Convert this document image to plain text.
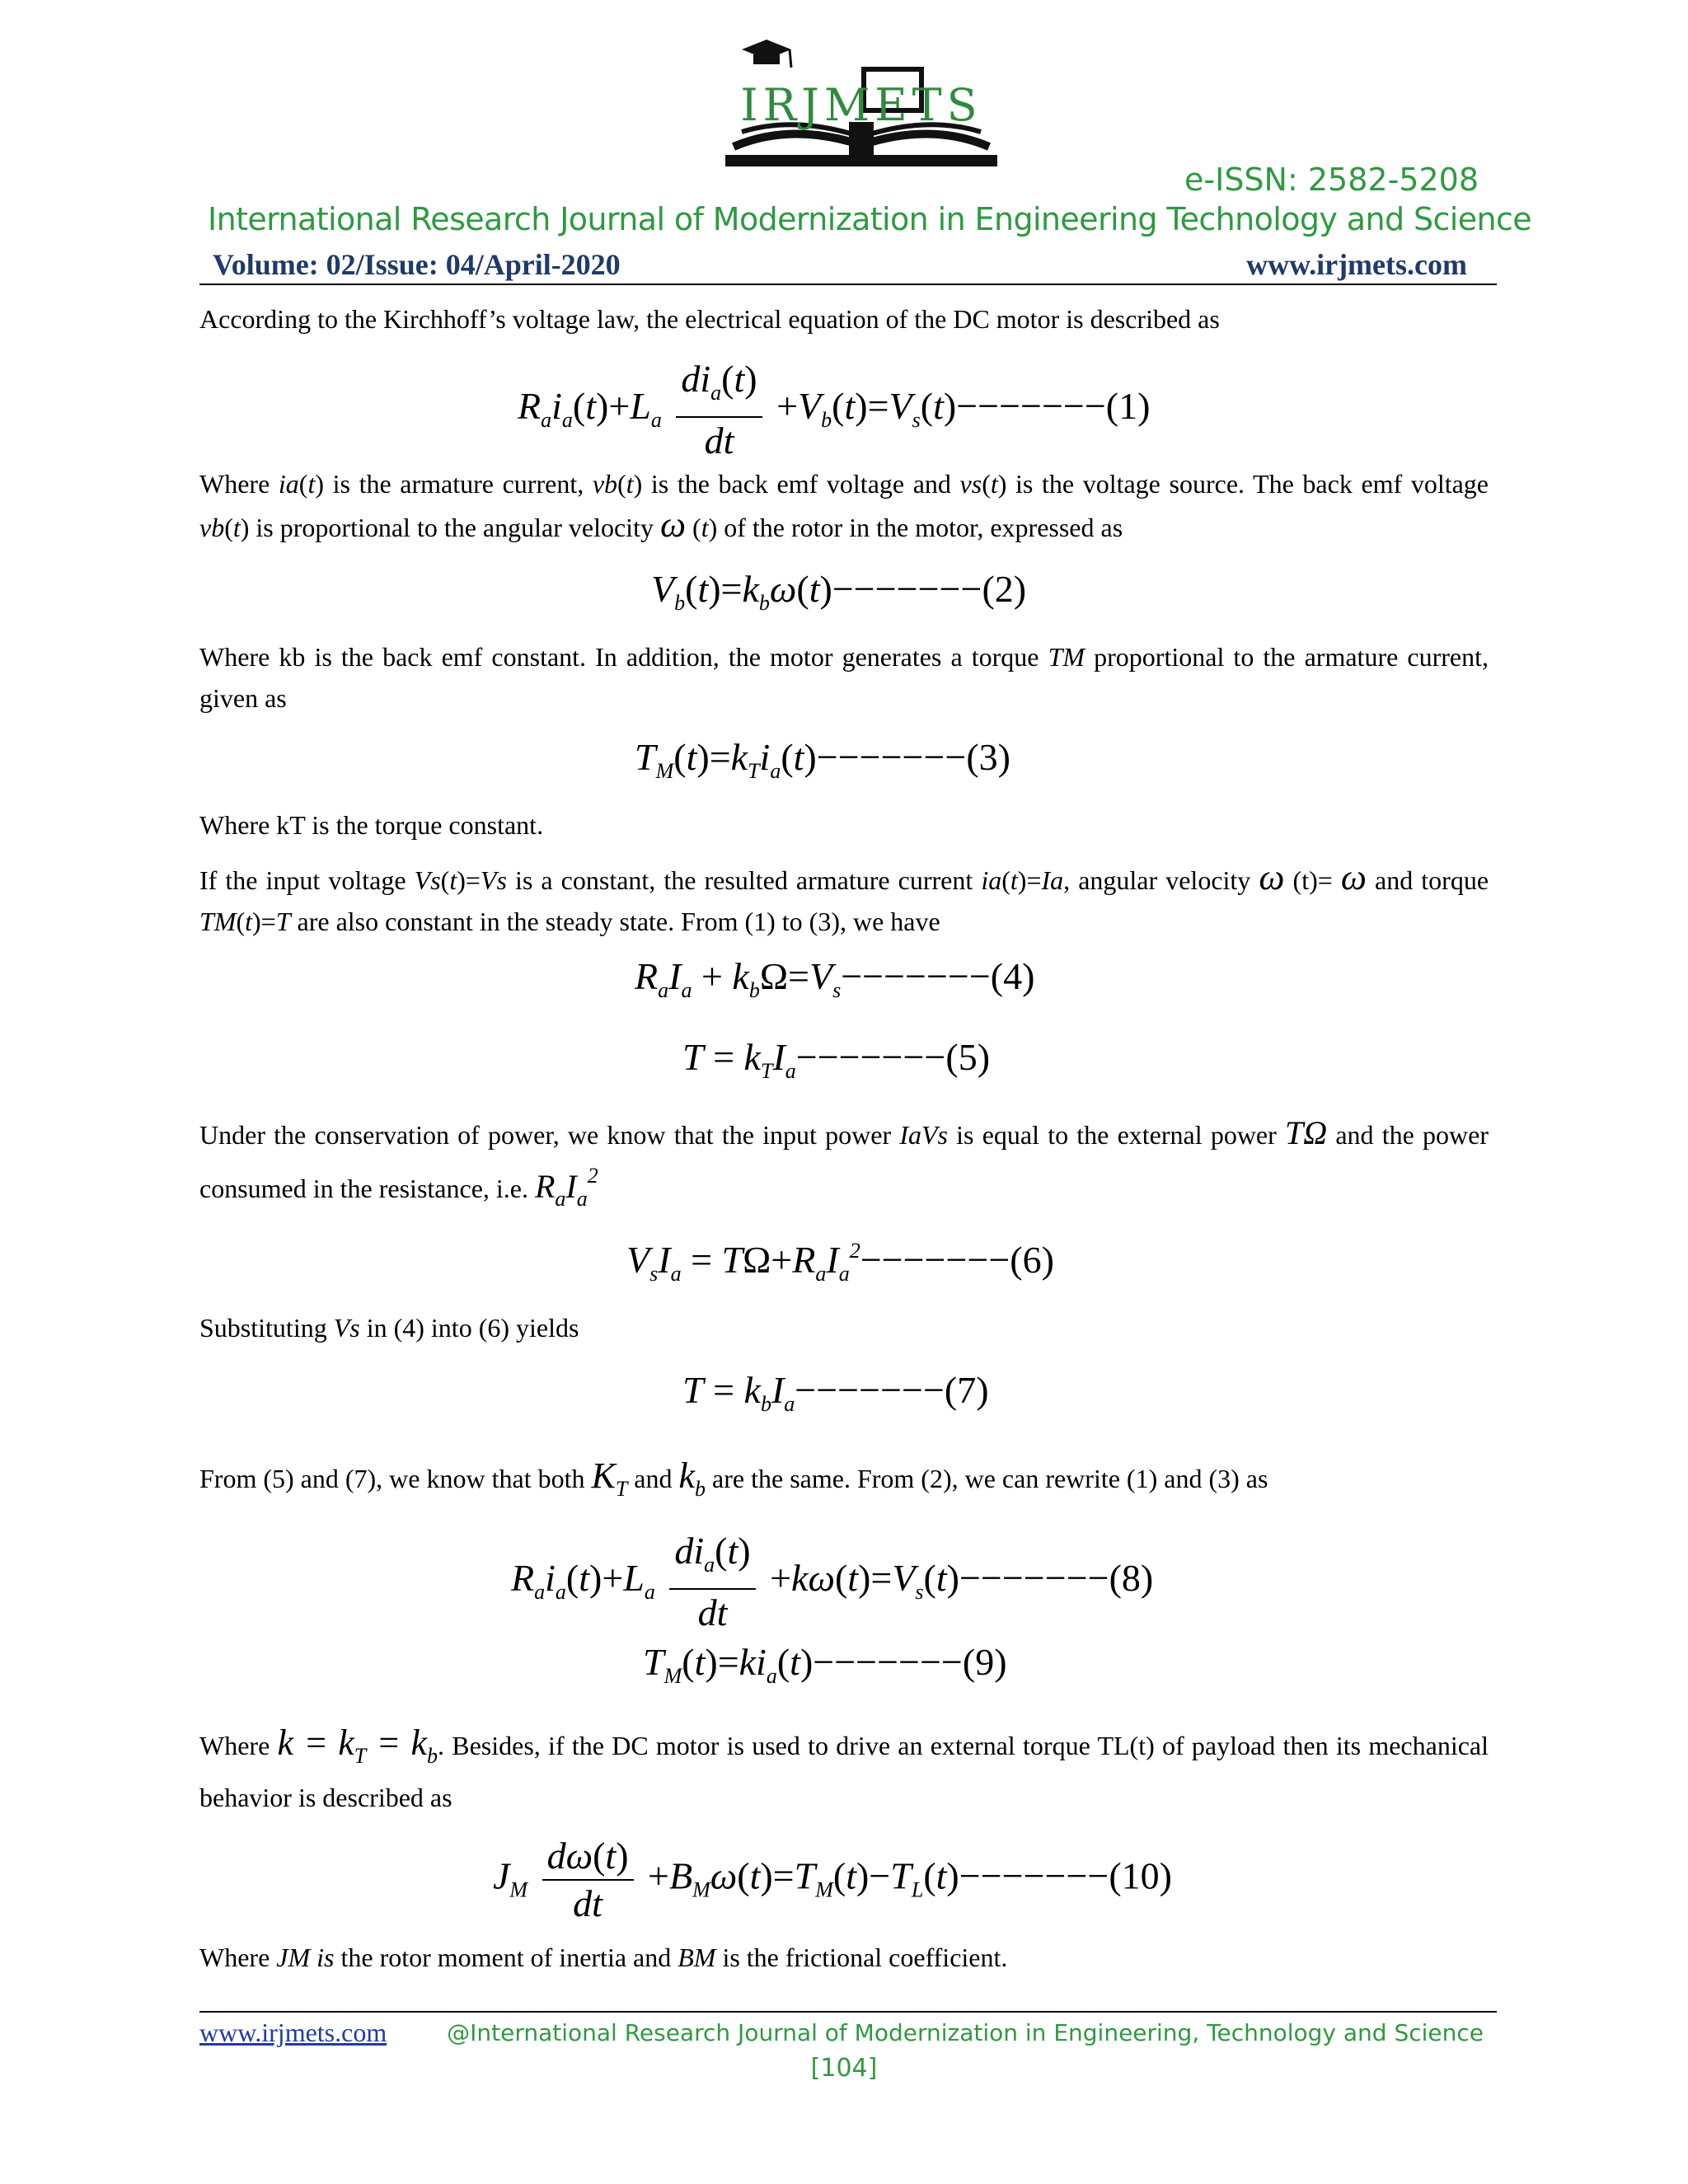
IRJMETS
e-ISSN: 2582-5208
International Research Journal of Modernization in Engineering Technology and Science
Volume: 02/Issue: 04/April-2020	www.irjmets.com
According to the Kirchhoff’s voltage law, the electrical equation of the DC motor is described as
$R_ai_a(t)+L_a \frac{di_a(t)}{dt} +V_b(t)=V_s(t)-------(1)$
Where ia(t) is the armature current, vb(t) is the back emf voltage and vs(t) is the voltage source. The back emf voltage vb(t) is proportional to the angular velocity ω (t) of the rotor in the motor, expressed as
$V_b(t)=k_b\omega(t)-------(2)$
Where kb is the back emf constant. In addition, the motor generates a torque TM proportional to the armature current, given as
$T_M(t)=k_Ti_a(t)-------(3)$
Where kT is the torque constant.
If the input voltage Vs(t)=Vs is a constant, the resulted armature current ia(t)=Ia, angular velocity ω (t)= ω and torque TM(t)=T are also constant in the steady state. From (1) to (3), we have
$R_aI_a + k_b\Omega=V_s-------(4)$
$T = k_TI_a-------(5)$
Under the conservation of power, we know that the input power IaVs is equal to the external power TΩ and the power consumed in the resistance, i.e. $R_aI_a^2$
$V_sI_a = T\Omega+R_aI_a^2-------(6)$
Substituting Vs in (4) into (6) yields
$T = k_bI_a-------(7)$
From (5) and (7), we know that both $K_T$ and $k_b$ are the same. From (2), we can rewrite (1) and (3) as
$R_ai_a(t)+L_a \frac{di_a(t)}{dt} +k\omega(t)=V_s(t)-------(8)$
$T_M(t)=ki_a(t)-------(9)$
Where $k = k_T = k_b$. Besides, if the DC motor is used to drive an external torque TL(t) of payload then its mechanical behavior is described as
$J_M \frac{d\omega(t)}{dt} +B_M\omega(t)=T_M(t)-T_L(t)-------(10)$
Where JM is the rotor moment of inertia and BM is the frictional coefficient.
www.irjmets.com	@International Research Journal of Modernization in Engineering, Technology and Science
[104]
